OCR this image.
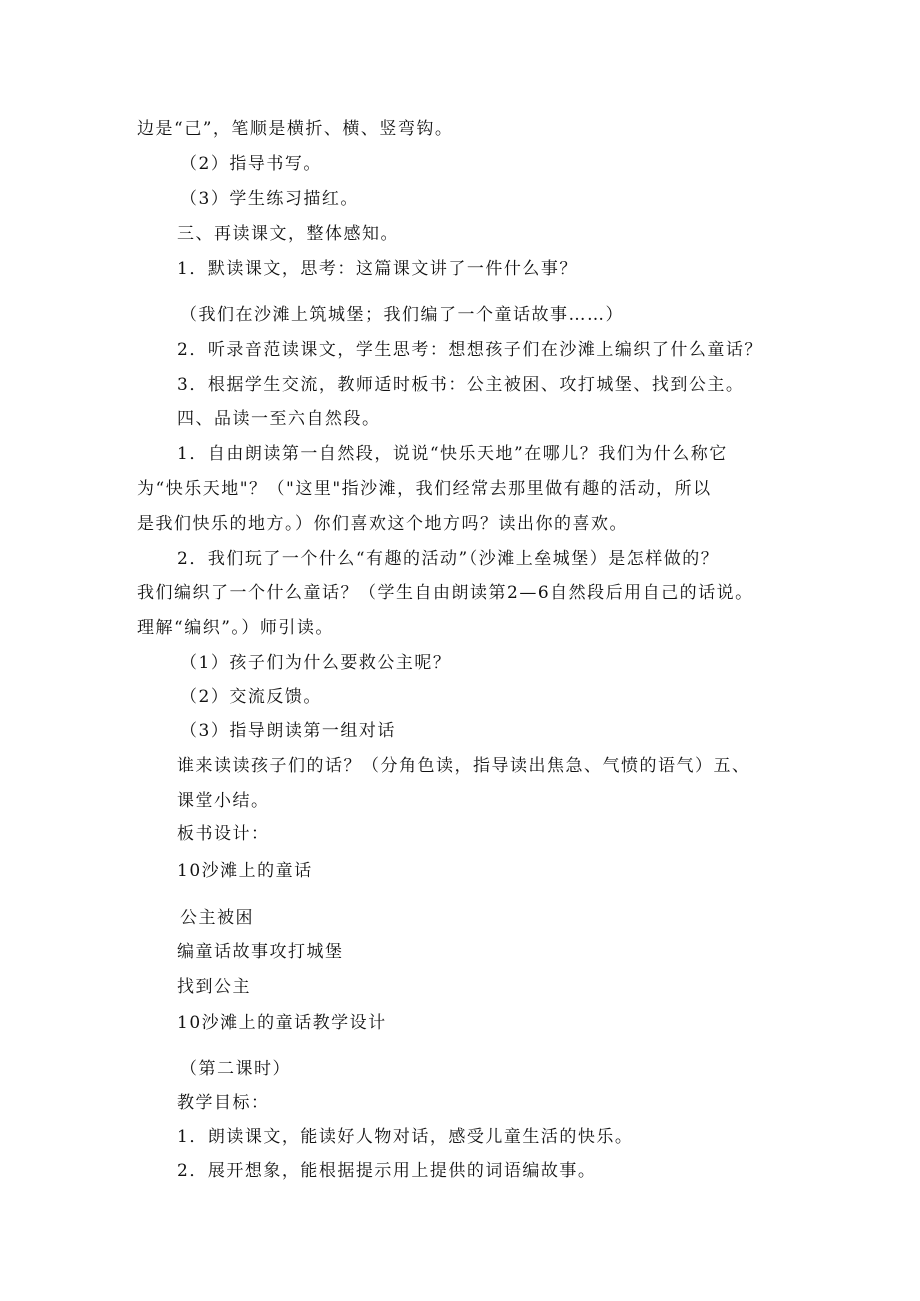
边是“己”，笔顺是横折、横、竖弯钩。
（2）指导书写。
（3）学生练习描红。
三、再读课文，整体感知。
1．默读课文，思考：这篇课文讲了一件什么事？
（我们在沙滩上筑城堡；我们编了一个童话故事……）
2．听录音范读课文，学生思考：想想孩子们在沙滩上编织了什么童话？
3．根据学生交流，教师适时板书：公主被困、攻打城堡、找到公主。
四、品读一至六自然段。
1．自由朗读第一自然段，说说“快乐天地”在哪儿？我们为什么称它
为“快乐天地"？（"这里"指沙滩，我们经常去那里做有趣的活动，所以
是我们快乐的地方。）你们喜欢这个地方吗？读出你的喜欢。
2．我们玩了一个什么“有趣的活动”（沙滩上垒城堡）是怎样做的？
我们编织了一个什么童话？（学生自由朗读第2—6自然段后用自己的话说。
理解“编织”。）师引读。
（1）孩子们为什么要救公主呢？
（2）交流反馈。
（3）指导朗读第一组对话
谁来读读孩子们的话？（分角色读，指导读出焦急、气愤的语气）五、
课堂小结。
板书设计：
10沙滩上的童话
公主被困
编童话故事攻打城堡
找到公主
10沙滩上的童话教学设计
（第二课时）
教学目标：
1．朗读课文，能读好人物对话，感受儿童生活的快乐。
2．展开想象，能根据提示用上提供的词语编故事。
